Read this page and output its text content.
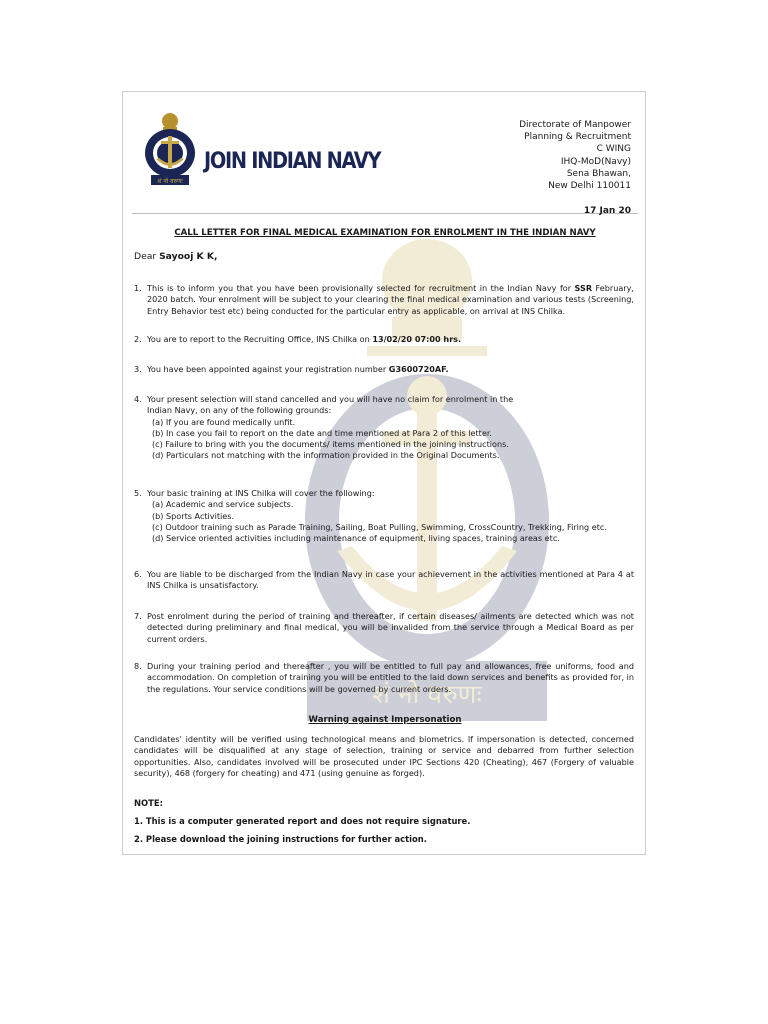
शं नो वरुणः
शं नो वरुणः
JOIN INDIAN NAVY
Directorate of Manpower
Planning & Recruitment
C WING
IHQ-MoD(Navy)
Sena Bhawan,
New Delhi 110011
17 Jan 20
CALL LETTER FOR FINAL MEDICAL EXAMINATION FOR ENROLMENT IN THE INDIAN NAVY
Dear Sayooj K K,
1. This is to inform you that you have been provisionally selected for recruitment in the Indian Navy for SSR February, 2020 batch. Your enrolment will be subject to your clearing the final medical examination and various tests (Screening, Entry Behavior test etc) being conducted for the particular entry as applicable, on arrival at INS Chilka.
2. You are to report to the Recruiting Office, INS Chilka on 13/02/20 07:00 hrs.
3. You have been appointed against your registration number G3600720AF.
4. Your present selection will stand cancelled and you will have no claim for enrolment in the Indian Navy, on any of the following grounds:
(a) If you are found medically unfit.
(b) In case you fail to report on the date and time mentioned at Para 2 of this letter.
(c) Failure to bring with you the documents/ items mentioned in the joining instructions.
(d) Particulars not matching with the information provided in the Original Documents.
5. Your basic training at INS Chilka will cover the following:
(a) Academic and service subjects.
(b) Sports Activities.
(c) Outdoor training such as Parade Training, Sailing, Boat Pulling, Swimming, CrossCountry, Trekking, Firing etc.
(d) Service oriented activities including maintenance of equipment, living spaces, training areas etc.
6. You are liable to be discharged from the Indian Navy in case your achievement in the activities mentioned at Para 4 at INS Chilka is unsatisfactory.
7. Post enrolment during the period of training and thereafter, if certain diseases/ ailments are detected which was not detected during preliminary and final medical, you will be invalided from the service through a Medical Board as per current orders.
8. During your training period and thereafter , you will be entitled to full pay and allowances, free uniforms, food and accommodation. On completion of training you will be entitled to the laid down services and benefits as provided for, in the regulations. Your service conditions will be governed by current orders.
Warning against Impersonation
Candidates' identity will be verified using technological means and biometrics. If impersonation is detected, concerned candidates will be disqualified at any stage of selection, training or service and debarred from further selection opportunities. Also, candidates involved will be prosecuted under IPC Sections 420 (Cheating), 467 (Forgery of valuable security), 468 (forgery for cheating) and 471 (using genuine as forged).
NOTE:
1. This is a computer generated report and does not require signature.
2. Please download the joining instructions for further action.
